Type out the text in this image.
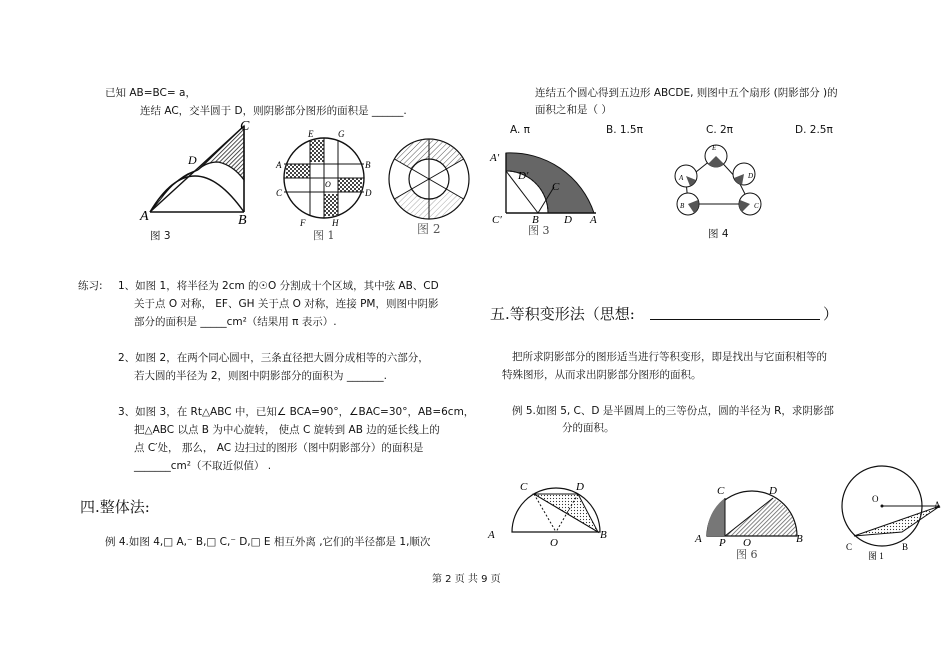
已知 AB=BC= a，
连结 AC，交半圆于 D，则阴影部分图形的面积是 ______.
A	B
C
D
图 3
E	G
A	B
C	D
F	H
O
图 1	图 2
练习: 1、如图 1，将半径为 2cm 的☉O 分割成十个区域，其中弦 AB、CD
关于点 O 对称， EF、GH 关于点 O 对称，连接 PM，则图中阴影
部分的面积是 _____cm²（结果用 π 表示）.
2、如图 2，在两个同心圆中，三条直径把大圆分成相等的六部分，
若大圆的半径为 2，则图中阴影部分的面积为 _______.
3、如图 3，在 Rt△ABC 中，已知∠ BCA=90°，∠BAC=30°，AB=6cm，
把△ABC 以点 B 为中心旋转， 使点 C 旋转到 AB 边的延长线上的
点 C′处， 那么， AC 边扫过的图形（图中阴影部分）的面积是
_______cm²（不取近似值） .
四.整体法:
例 4.如图 4,□ A,⁻ B,□ C,⁻ D,□ E 相互外离 ,它们的半径都是 1,顺次
连结五个圆心得到五边形 ABCDE, 则图中五个扇形 (阴影部分 )的
面积之和是（ ）
A. π	B. 1.5π	C. 2π	D. 2.5π
A′
D′
C
C′	B D A
图 3
E
A
B	C
D
图 4
五.等积变形法（思想:	）
把所求阴影部分的图形适当进行等积变形，即是找出与它面积相等的
特殊图形，从而求出阴影部分图形的面积。
例 5.如图 5, C、D 是半圆周上的三等份点，圆的半径为 R，求阴影部
分的面积。
C	D
A	B
O
C	D
A P O	B
图 6
O
A
C	B
图 1
第 2 页 共 9 页
